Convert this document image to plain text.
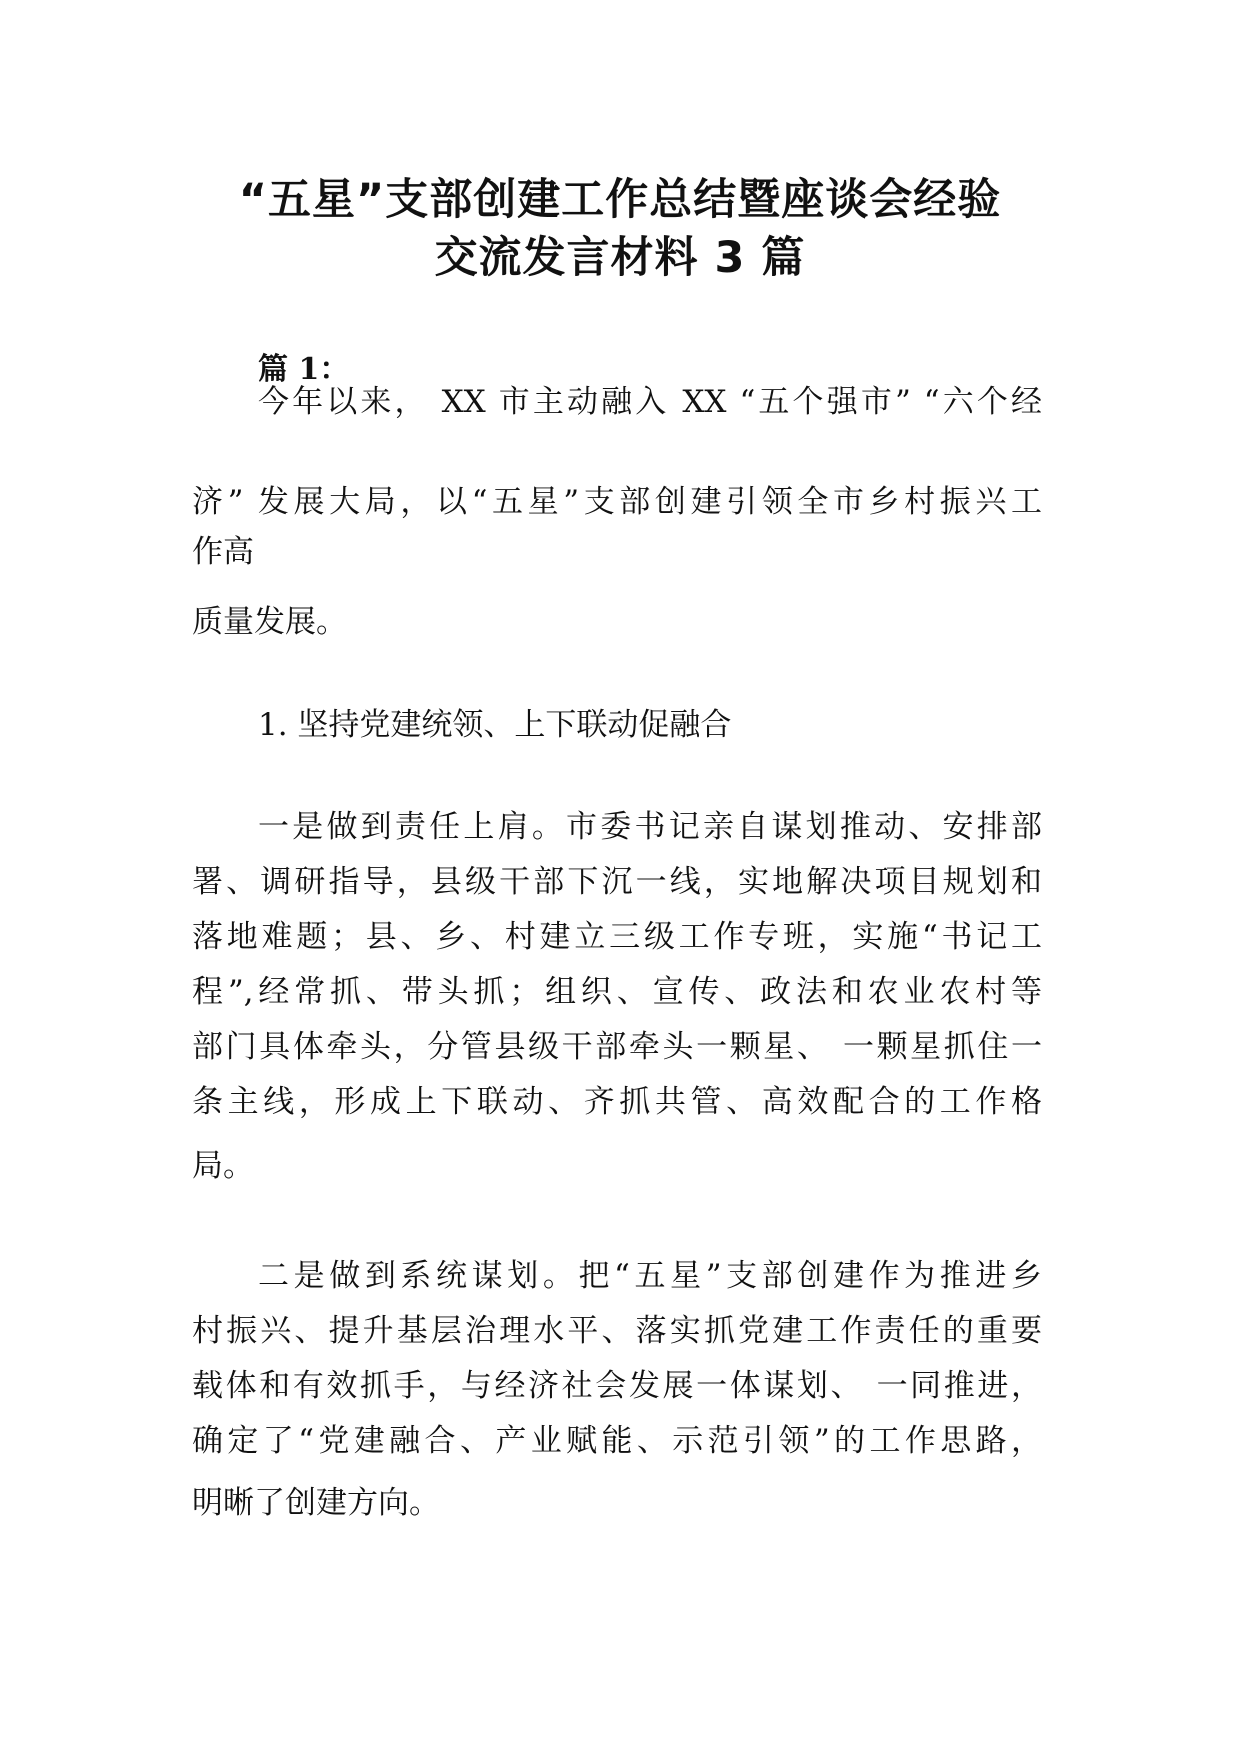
“五星”支部创建工作总结暨座谈会经验
交流发言材料 3 篇
篇 1：
今年以来， XX 市主动融入 XX “五个强市” “六个经
济” 发展大局，以“五星”支部创建引领全市乡村振兴工
作高
质量发展。
1. 坚持党建统领、上下联动促融合
一是做到责任上肩。市委书记亲自谋划推动、安排部
署、调研指导，县级干部下沉一线，实地解决项目规划和
落地难题；县、乡、村建立三级工作专班，实施“书记工
程”,经常抓、带头抓；组织、宣传、政法和农业农村等
部门具体牵头，分管县级干部牵头一颗星、 一颗星抓住一
条主线，形成上下联动、齐抓共管、高效配合的工作格
局。
二是做到系统谋划。把“五星”支部创建作为推进乡
村振兴、提升基层治理水平、落实抓党建工作责任的重要
载体和有效抓手，与经济社会发展一体谋划、 一同推进，
确定了“党建融合、产业赋能、示范引领”的工作思路，
明晰了创建方向。
